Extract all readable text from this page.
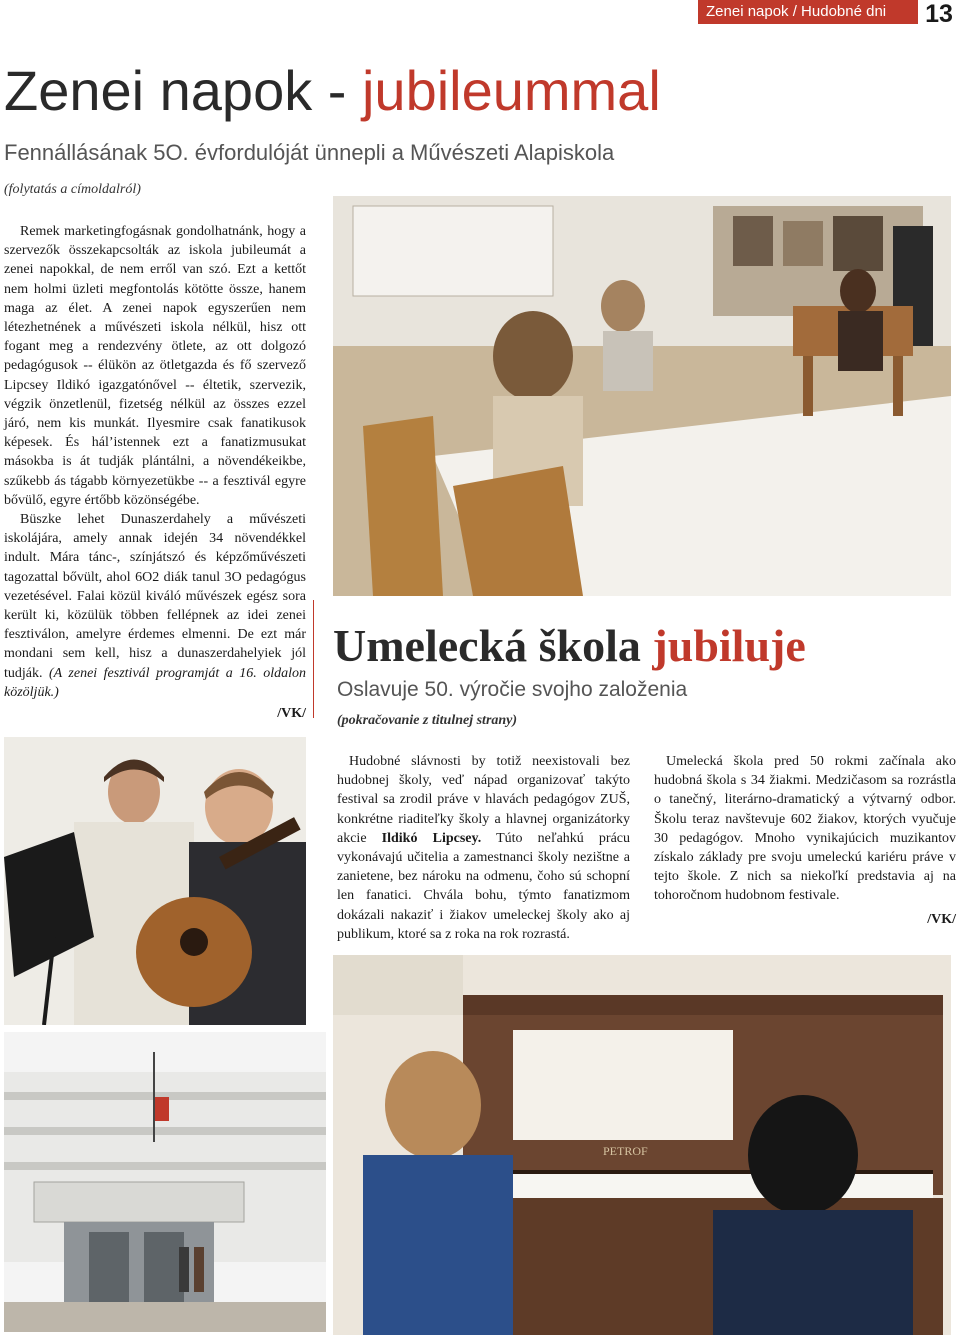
Zenei napok / Hudobné dni	13
Zenei napok - jubileummal
Fennállásának 5O. évfordulóját ünnepli a Művészeti Alapiskola
(folytatás a címoldalról)

Remek marketingfogásnak gondolhatnánk, hogy a szervezők összekapcsolták az iskola jubileumát a zenei napokkal, de nem erről van szó. Ezt a kettőt nem holmi üzleti megfontolás kötötte össze, hanem maga az élet. A zenei napok egyszerűen nem létezhetnének a művészeti iskola nélkül, hisz ott fogant meg a rendezvény ötlete, az ott dolgozó pedagógusok -- élükön az ötletgazda és fő szervező Lipcsey Ildikó igazgatónővel -- éltetik, szervezik, végzik önzetlenül, fizetség nélkül az összes ezzel járó, nem kis munkát. Ilyesmire csak fanatikusok képesek. És hál’istennek ezt a fanatizmusukat másokba is át tudják plántálni, a növendékeikbe, szűkebb ás tágabb környezetükbe -- a fesztivál egyre bővülő, egyre értőbb közönségébe.

Büszke lehet Dunaszerdahely a művészeti iskolájára, amely annak idején 34 növendékkel indult. Mára tánc-, színjátszó és képzőművészeti tagozattal bővült, ahol 6O2 diák tanul 3O pedagógus vezetésével. Falai közül kiváló művészek egész sora került ki, közülük többen fellépnek az idei zenei fesztiválon, amelyre érdemes elmenni. De ezt már mondani sem kell, hisz a dunaszerdahelyiek jól tudják. (A zenei fesztivál programját a 16. oldalon közöljük.)

/VK/
Umelecká škola jubiluje
Oslavuje 50. výročie svojho založenia
(pokračovanie z titulnej strany)

Hudobné slávnosti by totiž neexistovali bez hudobnej školy, veď nápad organizovať takýto festival sa zrodil práve v hlavách pedagógov ZUŠ, konkrétne riaditeľky školy a hlavnej organizátorky akcie Ildikó Lipcsey. Túto neľahkú prácu vykonávajú učitelia a zamestnanci školy nezištne a zanietene, bez nároku na odmenu, čoho sú schopní len fanatici. Chvála bohu, týmto fanatizmom dokázali nakaziť i žiakov umeleckej školy ako aj publikum, ktoré sa z roka na rok rozrastá.

Umelecká škola pred 50 rokmi začínala ako hudobná škola s 34 žiakmi. Medzičasom sa rozrástla o tanečný, literárno-dramatický a výtvarný odbor. Školu teraz navštevuje 602 žiakov, ktorých vyučuje 30 pedagógov. Mnoho vynikajúcich muzikantov získalo základy pre svoju umeleckú kariéru práve v tejto škole. Z nich sa niekoľkí predstavia aj na tohoročnom hudobnom festivale.

/VK/
PETROF
